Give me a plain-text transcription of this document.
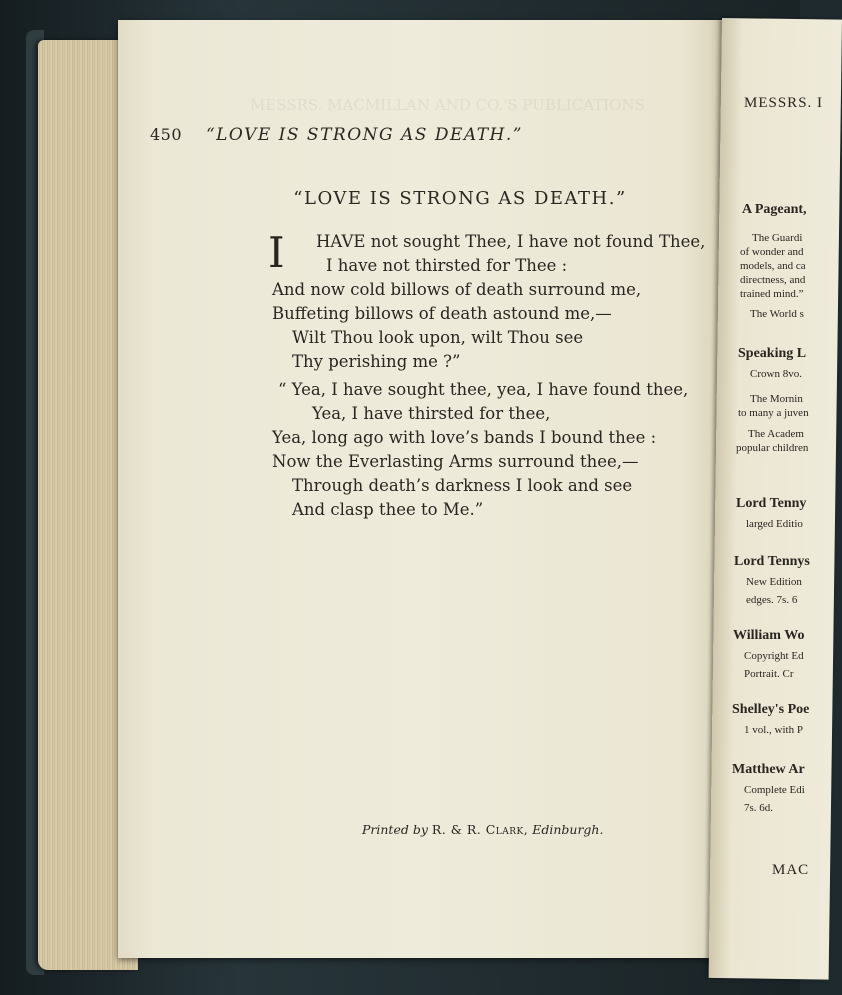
MESSRS. MACMILLAN AND CO.'S PUBLICATIONS
450 “LOVE IS STRONG AS DEATH.”
“LOVE IS STRONG AS DEATH.”
I	HAVE not sought Thee, I have not found Thee,
I have not thirsted for Thee :
And now cold billows of death surround me,
Buffeting billows of death astound me,—
Wilt Thou look upon, wilt Thou see
Thy perishing me ?”
“ Yea, I have sought thee, yea, I have found thee,
Yea, I have thirsted for thee,
Yea, long ago with love’s bands I bound thee :
Now the Everlasting Arms surround thee,—
Through death’s darkness I look and see
And clasp thee to Me.”
Printed by R. & R. Clark, Edinburgh.
MESSRS. I
A Pageant,
The Guardi
of wonder and
models, and ca
directness, and
trained mind.”
The World s
Speaking L
Crown 8vo.
The Mornin
to many a juven
The Academ
popular children
Lord Tenny
larged Editio
Lord Tennys
New Edition
edges. 7s. 6
William Wo
Copyright Ed
Portrait. Cr
Shelley's Poe
1 vol., with P
Matthew Ar
Complete Edi
7s. 6d.
MAC
